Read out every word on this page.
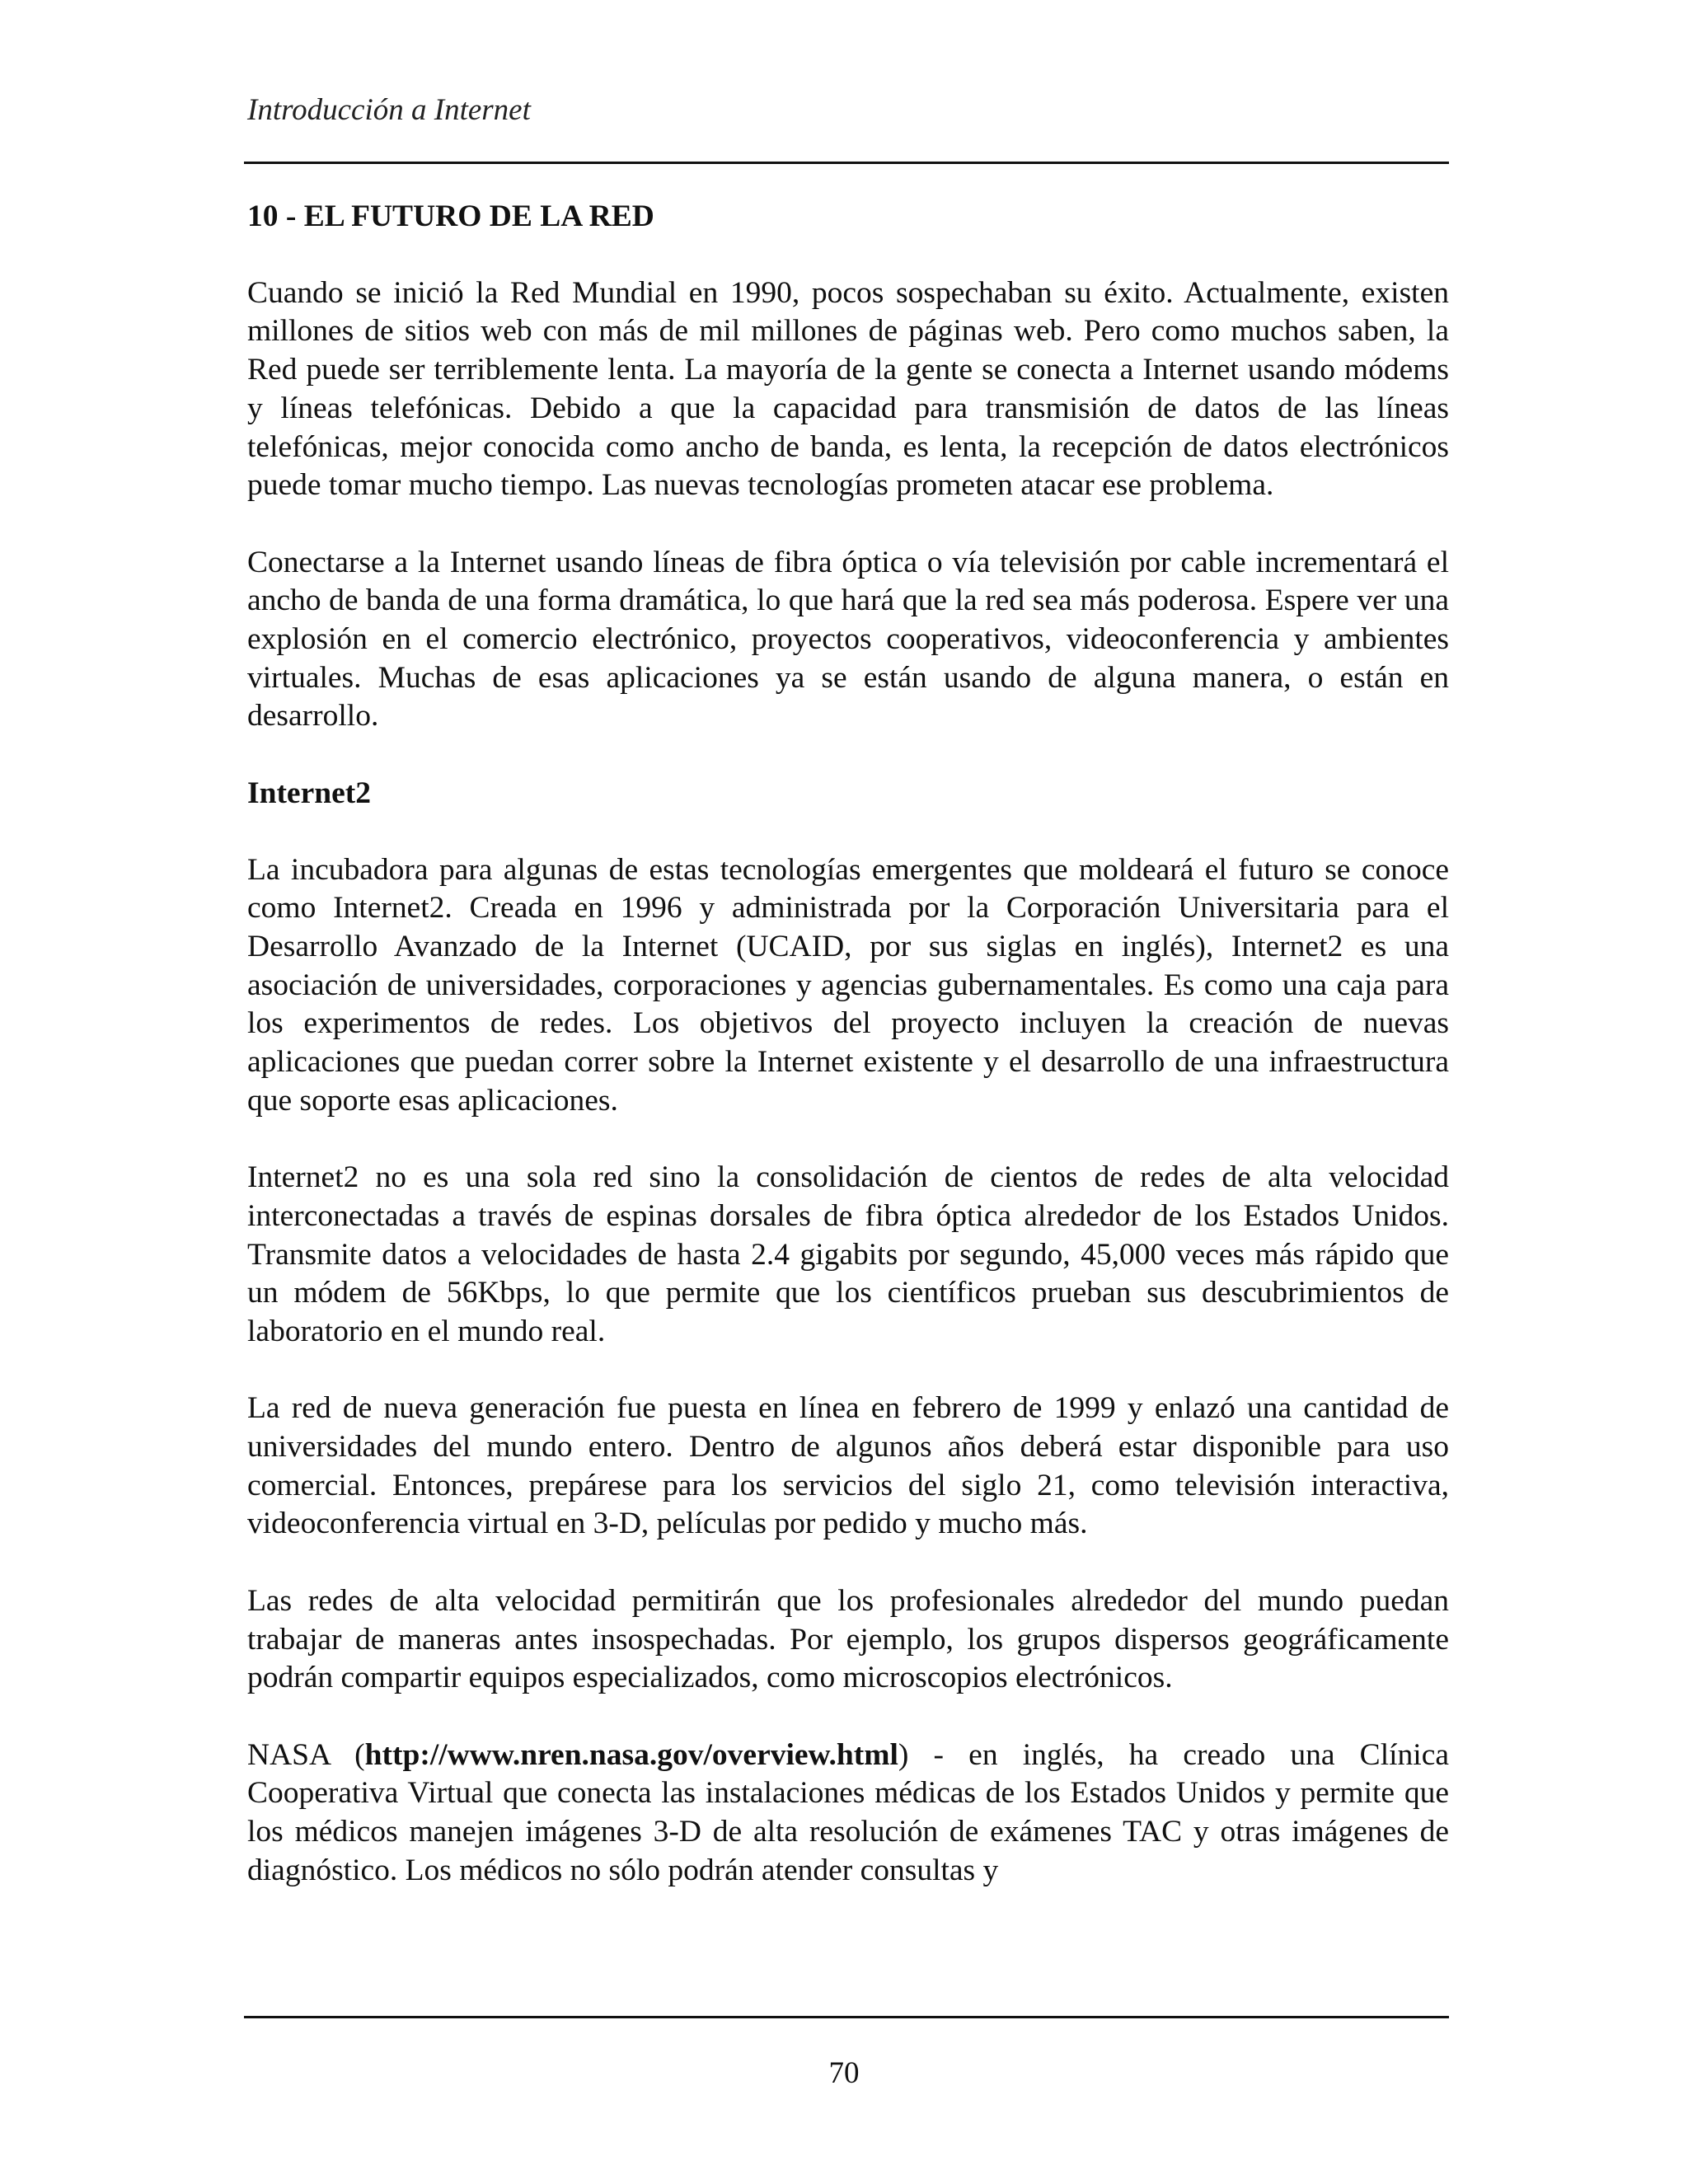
Introducción a Internet
10 - EL FUTURO DE LA RED

Cuando se inició la Red Mundial en 1990, pocos sospechaban su éxito. Actualmente, existen millones de sitios web con más de mil millones de páginas web. Pero como muchos saben, la Red puede ser terriblemente lenta. La mayoría de la gente se conecta a Internet usando módems y líneas telefónicas. Debido a que la capacidad para transmisión de datos de las líneas telefónicas, mejor conocida como ancho de banda, es lenta, la recepción de datos electrónicos puede tomar mucho tiempo. Las nuevas tecnologías prometen atacar ese problema.

Conectarse a la Internet usando líneas de fibra óptica o vía televisión por cable incrementará el ancho de banda de una forma dramática, lo que hará que la red sea más poderosa. Espere ver una explosión en el comercio electrónico, proyectos cooperativos, videoconferencia y ambientes virtuales. Muchas de esas aplicaciones ya se están usando de alguna manera, o están en desarrollo.

Internet2

La incubadora para algunas de estas tecnologías emergentes que moldeará el futuro se conoce como Internet2. Creada en 1996 y administrada por la Corporación Universitaria para el Desarrollo Avanzado de la Internet (UCAID, por sus siglas en inglés), Internet2 es una asociación de universidades, corporaciones y agencias gubernamentales. Es como una caja para los experimentos de redes. Los objetivos del proyecto incluyen la creación de nuevas aplicaciones que puedan correr sobre la Internet existente y el desarrollo de una infraestructura que soporte esas aplicaciones.

Internet2 no es una sola red sino la consolidación de cientos de redes de alta velocidad interconectadas a través de espinas dorsales de fibra óptica alrededor de los Estados Unidos. Transmite datos a velocidades de hasta 2.4 gigabits por segundo, 45,000 veces más rápido que un módem de 56Kbps, lo que permite que los científicos prueban sus descubrimientos de laboratorio en el mundo real.

La red de nueva generación fue puesta en línea en febrero de 1999 y enlazó una cantidad de universidades del mundo entero. Dentro de algunos años deberá estar disponible para uso comercial. Entonces, prepárese para los servicios del siglo 21, como televisión interactiva, videoconferencia virtual en 3-D, películas por pedido y mucho más.

Las redes de alta velocidad permitirán que los profesionales alrededor del mundo puedan trabajar de maneras antes insospechadas. Por ejemplo, los grupos dispersos geográficamente podrán compartir equipos especializados, como microscopios electrónicos.

NASA (http://www.nren.nasa.gov/overview.html) - en inglés, ha creado una Clínica Cooperativa Virtual que conecta las instalaciones médicas de los Estados Unidos y permite que los médicos manejen imágenes 3-D de alta resolución de exámenes TAC y otras imágenes de diagnóstico. Los médicos no sólo podrán atender consultas y

70
